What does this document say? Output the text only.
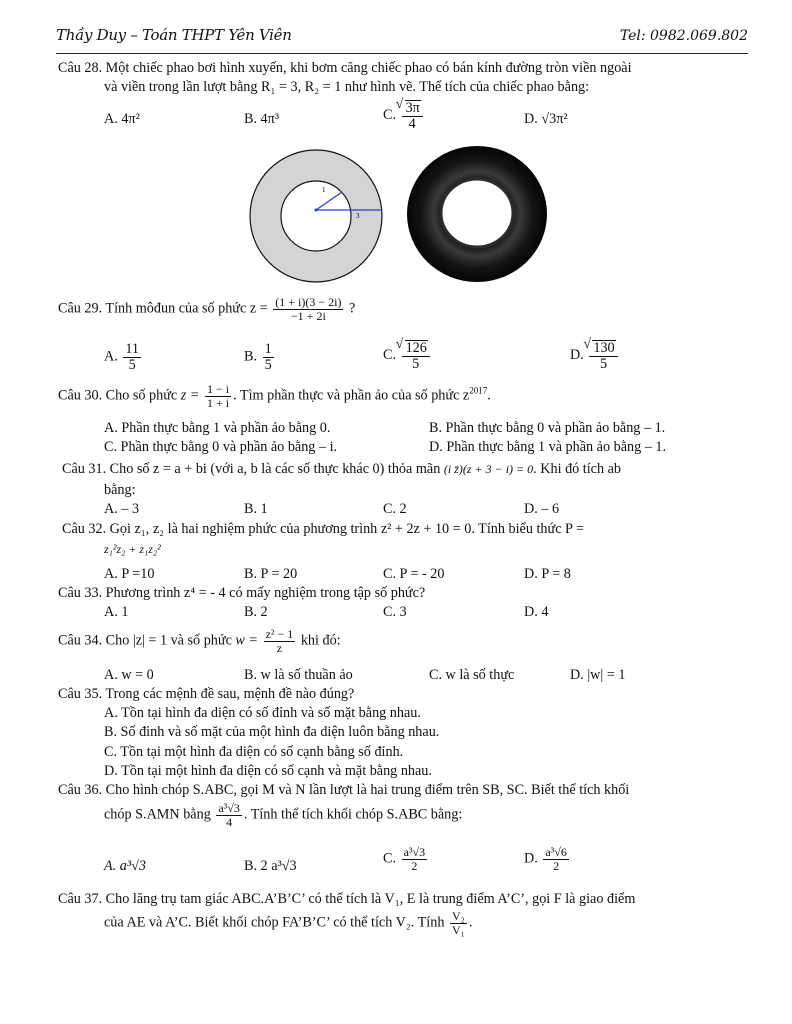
Thầy Duy – Toán THPT Yên Viên	Tel: 0982.069.802
Câu 28. Một chiếc phao bơi hình xuyến, khi bơm căng chiếc phao có bán kính đường tròn viền ngoài
và viền trong lần lượt bằng R₁ = 3, R₂ = 1 như hình vẽ. Thể tích của chiếc phao bằng:
A. 4π²	B. 4π³	C. √ $\frac{3\pi}{4}$	D. √3π²
1
3
Câu 29. Tính môđun của số phức $z = \frac{(1 + i)(3 - 2i)}{-1 + 2i}$ ?
A. $\frac{11}{5}$	B. $\frac{1}{5}$	C. √ $\frac{126}{5}$	D. √ $\frac{130}{5}$
Câu 30. Cho số phức $z = \frac{1 - i}{1 + i}$ . Tìm phần thực và phần ảo của số phức $z^{2017}$.
A. Phần thực bằng 1 và phần ảo bằng 0.	B. Phần thực bằng 0 và phần ảo bằng – 1.
C. Phần thực bằng 0 và phần ảo bằng – i.	D. Phần thực bằng 1 và phần ảo bằng – 1.
Câu 31. Cho số z = a + bi (với a, b là các số thực khác 0) thỏa mãn (i z̄)(z + 3 − i) = 0. Khi đó tích ab
bằng:
A. – 3	B. 1	C. 2	D. – 6
Câu 32. Gọi z₁, z₂ là hai nghiệm phức của phương trình z² + 2z + 10 = 0. Tính biểu thức P =
z₁²z₂ + z₁z₂²
A. P =10	B. P = 20	C. P = - 20	D. P = 8
Câu 33. Phương trình z⁴ = - 4 có mấy nghiệm trong tập số phức?
A. 1	B. 2	C. 3	D. 4
Câu 34. Cho |z| = 1 và số phức $w = \frac{\text{z² − 1}}{z}$ khi đó:
A. w = 0	B. w là số thuần ảo	C. w là số thực	D. |w| = 1
Câu 35. Trong các mệnh đề sau, mệnh đề nào đúng?
A. Tồn tại hình đa diện có số đỉnh và số mặt bằng nhau.
B. Số đỉnh và số mặt của một hình đa diện luôn bằng nhau.
C. Tồn tại một hình đa diện có số cạnh bằng số đỉnh.
D. Tồn tại một hình đa diện có số cạnh và mặt bằng nhau.
Câu 36. Cho hình chóp S.ABC, gọi M và N lần lượt là hai trung điểm trên SB, SC. Biết thể tích khối
chóp S.AMN bằng $\frac{\text{a³√3}}{4}$ . Tính thể tích khối chóp S.ABC bằng:
A. a³√3	B. 2 a³√3	C. $\frac{\text{a³√3}}{2}$	D. $\frac{\text{a³√6}}{2}$
Câu 37. Cho lăng trụ tam giác ABC.A’B’C’ có thể tích là V₁, E là trung điểm A’C’, gọi F là giao điểm
của AE và A’C. Biết khối chóp FA’B’C’ có thể tích V₂. Tính $\frac{\text{V₂}}{\text{V₁}}$ .
